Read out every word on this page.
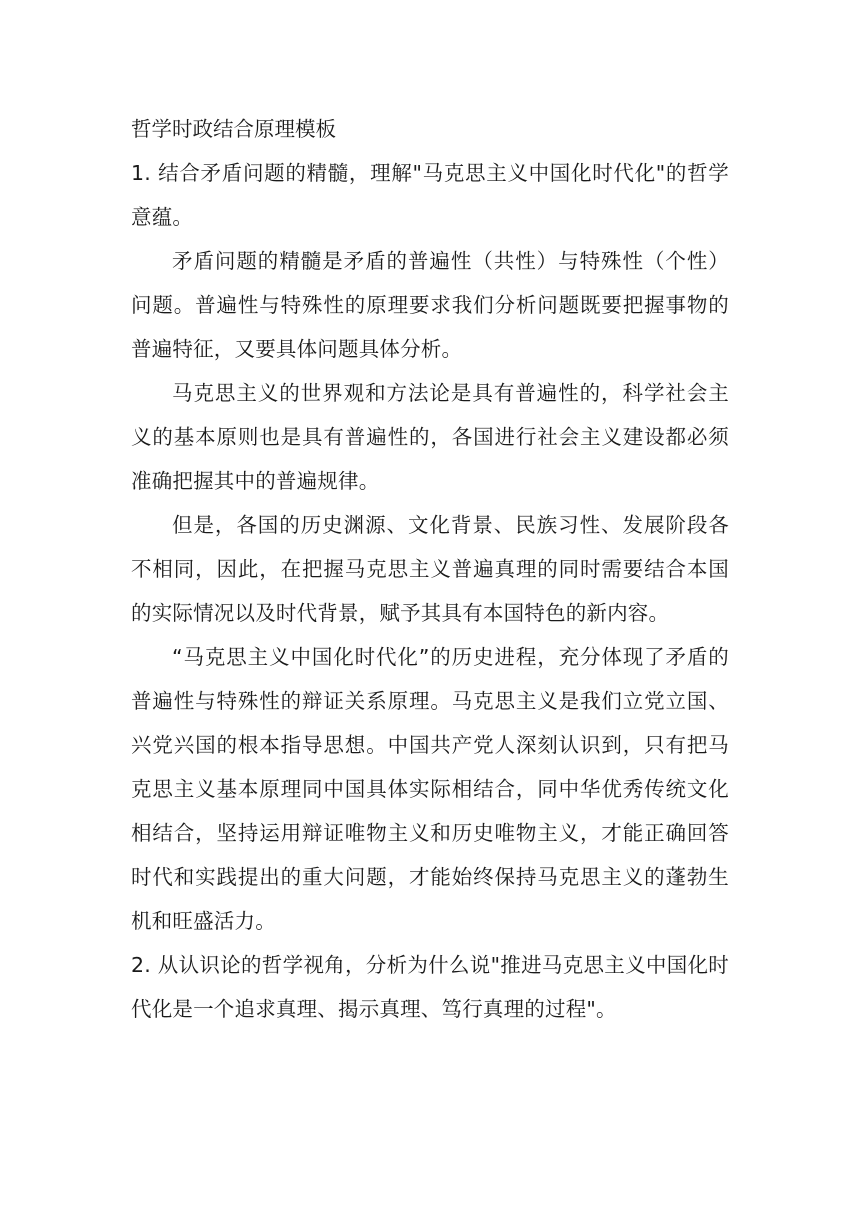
哲学时政结合原理模板

1. 结合矛盾问题的精髓，理解"马克思主义中国化时代化"的哲学意蕴。

矛盾问题的精髓是矛盾的普遍性（共性）与特殊性（个性）问题。普遍性与特殊性的原理要求我们分析问题既要把握事物的普遍特征，又要具体问题具体分析。

马克思主义的世界观和方法论是具有普遍性的，科学社会主义的基本原则也是具有普遍性的，各国进行社会主义建设都必须准确把握其中的普遍规律。

但是，各国的历史渊源、文化背景、民族习性、发展阶段各不相同，因此，在把握马克思主义普遍真理的同时需要结合本国的实际情况以及时代背景，赋予其具有本国特色的新内容。

“马克思主义中国化时代化”的历史进程，充分体现了矛盾的普遍性与特殊性的辩证关系原理。马克思主义是我们立党立国、兴党兴国的根本指导思想。中国共产党人深刻认识到，只有把马克思主义基本原理同中国具体实际相结合，同中华优秀传统文化相结合，坚持运用辩证唯物主义和历史唯物主义，才能正确回答时代和实践提出的重大问题，才能始终保持马克思主义的蓬勃生机和旺盛活力。

2. 从认识论的哲学视角，分析为什么说"推进马克思主义中国化时代化是一个追求真理、揭示真理、笃行真理的过程"。
